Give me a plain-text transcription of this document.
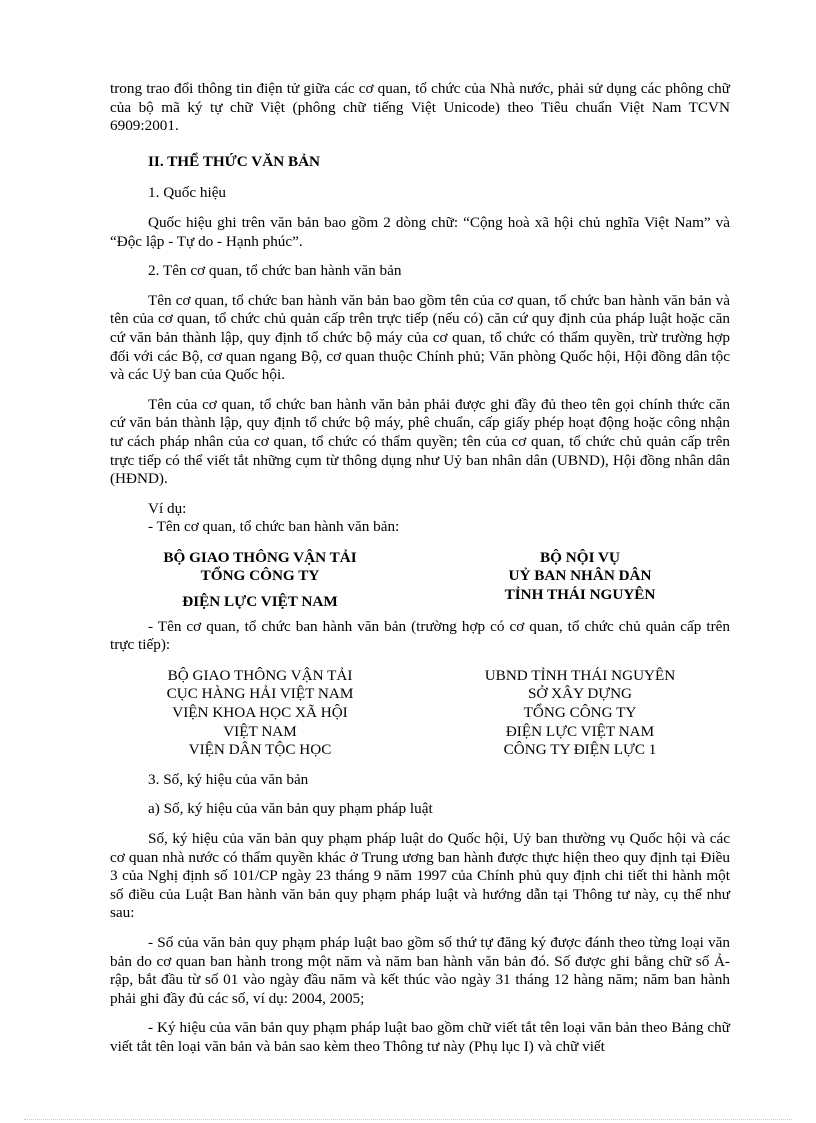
trong trao đổi thông tin điện tử giữa các cơ quan, tổ chức của Nhà nước, phải sử dụng các phông chữ của bộ mã ký tự chữ Việt (phông chữ tiếng Việt Unicode) theo Tiêu chuẩn Việt Nam TCVN 6909:2001.

II. THỂ THỨC VĂN BẢN

1. Quốc hiệu

Quốc hiệu ghi trên văn bản bao gồm 2 dòng chữ: “Cộng hoà xã hội chủ nghĩa Việt Nam” và “Độc lập - Tự do - Hạnh phúc”.

2. Tên cơ quan, tổ chức ban hành văn bản

Tên cơ quan, tổ chức ban hành văn bản bao gồm tên của cơ quan, tổ chức ban hành văn bản và tên của cơ quan, tổ chức chủ quản cấp trên trực tiếp (nếu có) căn cứ quy định của pháp luật hoặc căn cứ văn bản thành lập, quy định tổ chức bộ máy của cơ quan, tổ chức có thẩm quyền, trừ trường hợp đối với các Bộ, cơ quan ngang Bộ, cơ quan thuộc Chính phủ; Văn phòng Quốc hội, Hội đồng dân tộc và các Uỷ ban của Quốc hội.

Tên của cơ quan, tổ chức ban hành văn bản phải được ghi đầy đủ theo tên gọi chính thức căn cứ văn bản thành lập, quy định tổ chức bộ máy, phê chuẩn, cấp giấy phép hoạt động hoặc công nhận tư cách pháp nhân của cơ quan, tổ chức có thẩm quyền; tên của cơ quan, tổ chức chủ quản cấp trên trực tiếp có thể viết tắt những cụm từ thông dụng như Uỷ ban nhân dân (UBND), Hội đồng nhân dân (HĐND).

Ví dụ:

- Tên cơ quan, tổ chức ban hành văn bản:

BỘ GIAO THÔNG VẬN TẢI
TỔNG CÔNG TY
ĐIỆN LỰC VIỆT NAM
BỘ NỘI VỤ
UỶ BAN NHÂN DÂN
TỈNH THÁI NGUYÊN

- Tên cơ quan, tổ chức ban hành văn bản (trường hợp có cơ quan, tổ chức chủ quản cấp trên trực tiếp):

BỘ GIAO THÔNG VẬN TẢI
CỤC HÀNG HẢI VIỆT NAM
VIỆN KHOA HỌC XÃ HỘI
VIỆT NAM
VIỆN DÂN TỘC HỌC
UBND TỈNH THÁI NGUYÊN
SỞ XÂY DỰNG
TỔNG CÔNG TY
ĐIỆN LỰC VIỆT NAM
CÔNG TY ĐIỆN LỰC 1

3. Số, ký hiệu của văn bản

a) Số, ký hiệu của văn bản quy phạm pháp luật

Số, ký hiệu của văn bản quy phạm pháp luật do Quốc hội, Uỷ ban thường vụ Quốc hội và các cơ quan nhà nước có thẩm quyền khác ở Trung ương ban hành được thực hiện theo quy định tại Điều 3 của Nghị định số 101/CP ngày 23 tháng 9 năm 1997 của Chính phủ quy định chi tiết thi hành một số điều của Luật Ban hành văn bản quy phạm pháp luật và hướng dẫn tại Thông tư này, cụ thể như sau:

- Số của văn bản quy phạm pháp luật bao gồm số thứ tự đăng ký được đánh theo từng loại văn bản do cơ quan ban hành trong một năm và năm ban hành văn bản đó. Số được ghi bằng chữ số Ả-rập, bắt đầu từ số 01 vào ngày đầu năm và kết thúc vào ngày 31 tháng 12 hàng năm; năm ban hành phải ghi đầy đủ các số, ví dụ: 2004, 2005;

- Ký hiệu của văn bản quy phạm pháp luật bao gồm chữ viết tắt tên loại văn bản theo Bảng chữ viết tắt tên loại văn bản và bản sao kèm theo Thông tư này (Phụ lục I) và chữ viết
